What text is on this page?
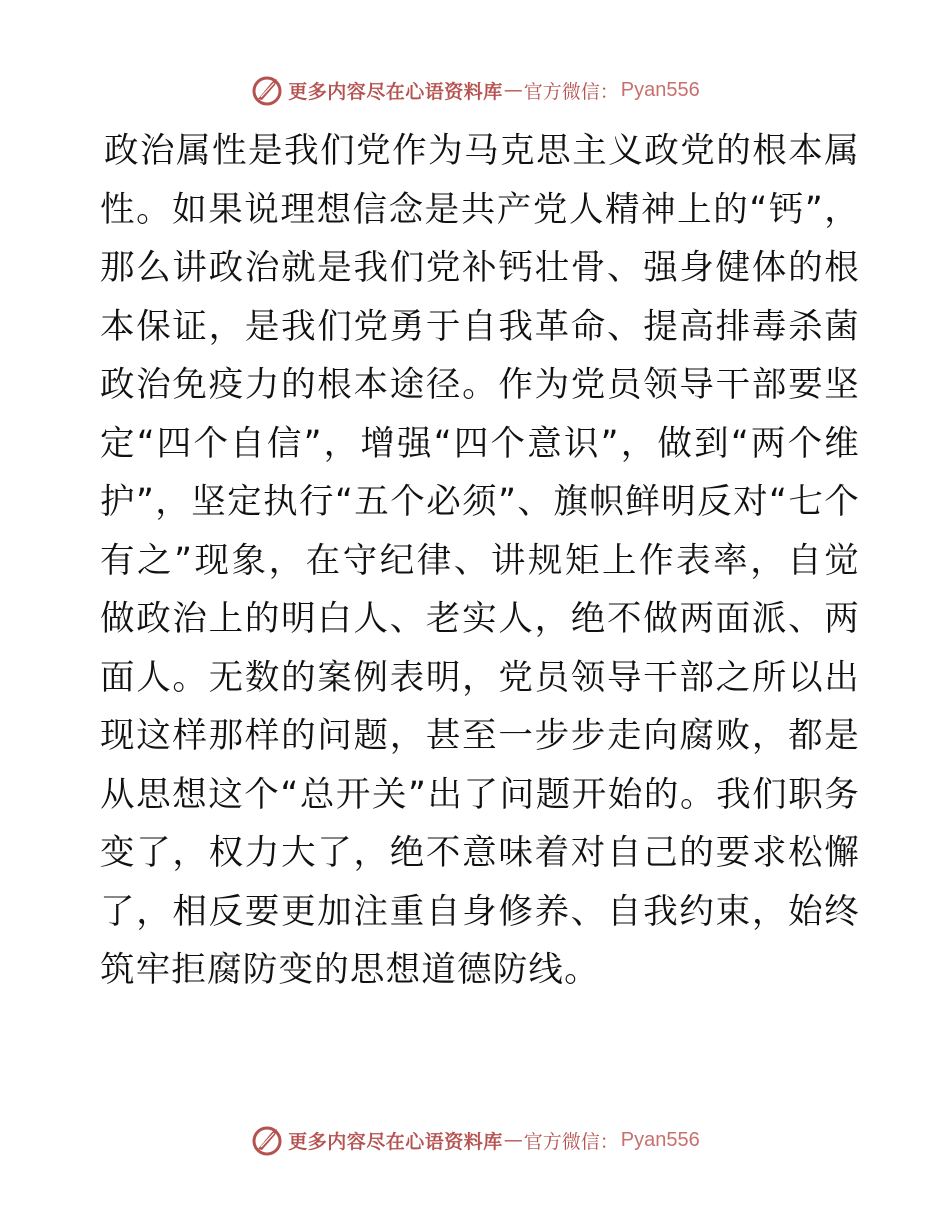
更多内容尽在心语资料库 — 官方微信： Pyan556

政治属性是我们党作为马克思主义政党的根本属性。如果说理想信念是共产党人精神上的“钙”，那么讲政治就是我们党补钙壮骨、强身健体的根本保证，是我们党勇于自我革命、提高排毒杀菌政治免疫力的根本途径。作为党员领导干部要坚定“四个自信”，增强“四个意识”，做到“两个维护”，坚定执行“五个必须”、旗帜鲜明反对“七个有之”现象，在守纪律、讲规矩上作表率，自觉做政治上的明白人、老实人，绝不做两面派、两面人。无数的案例表明，党员领导干部之所以出现这样那样的问题，甚至一步步走向腐败，都是从思想这个“总开关”出了问题开始的。我们职务变了，权力大了，绝不意味着对自己的要求松懈了，相反要更加注重自身修养、自我约束，始终筑牢拒腐防变的思想道德防线。

更多内容尽在心语资料库 — 官方微信： Pyan556
